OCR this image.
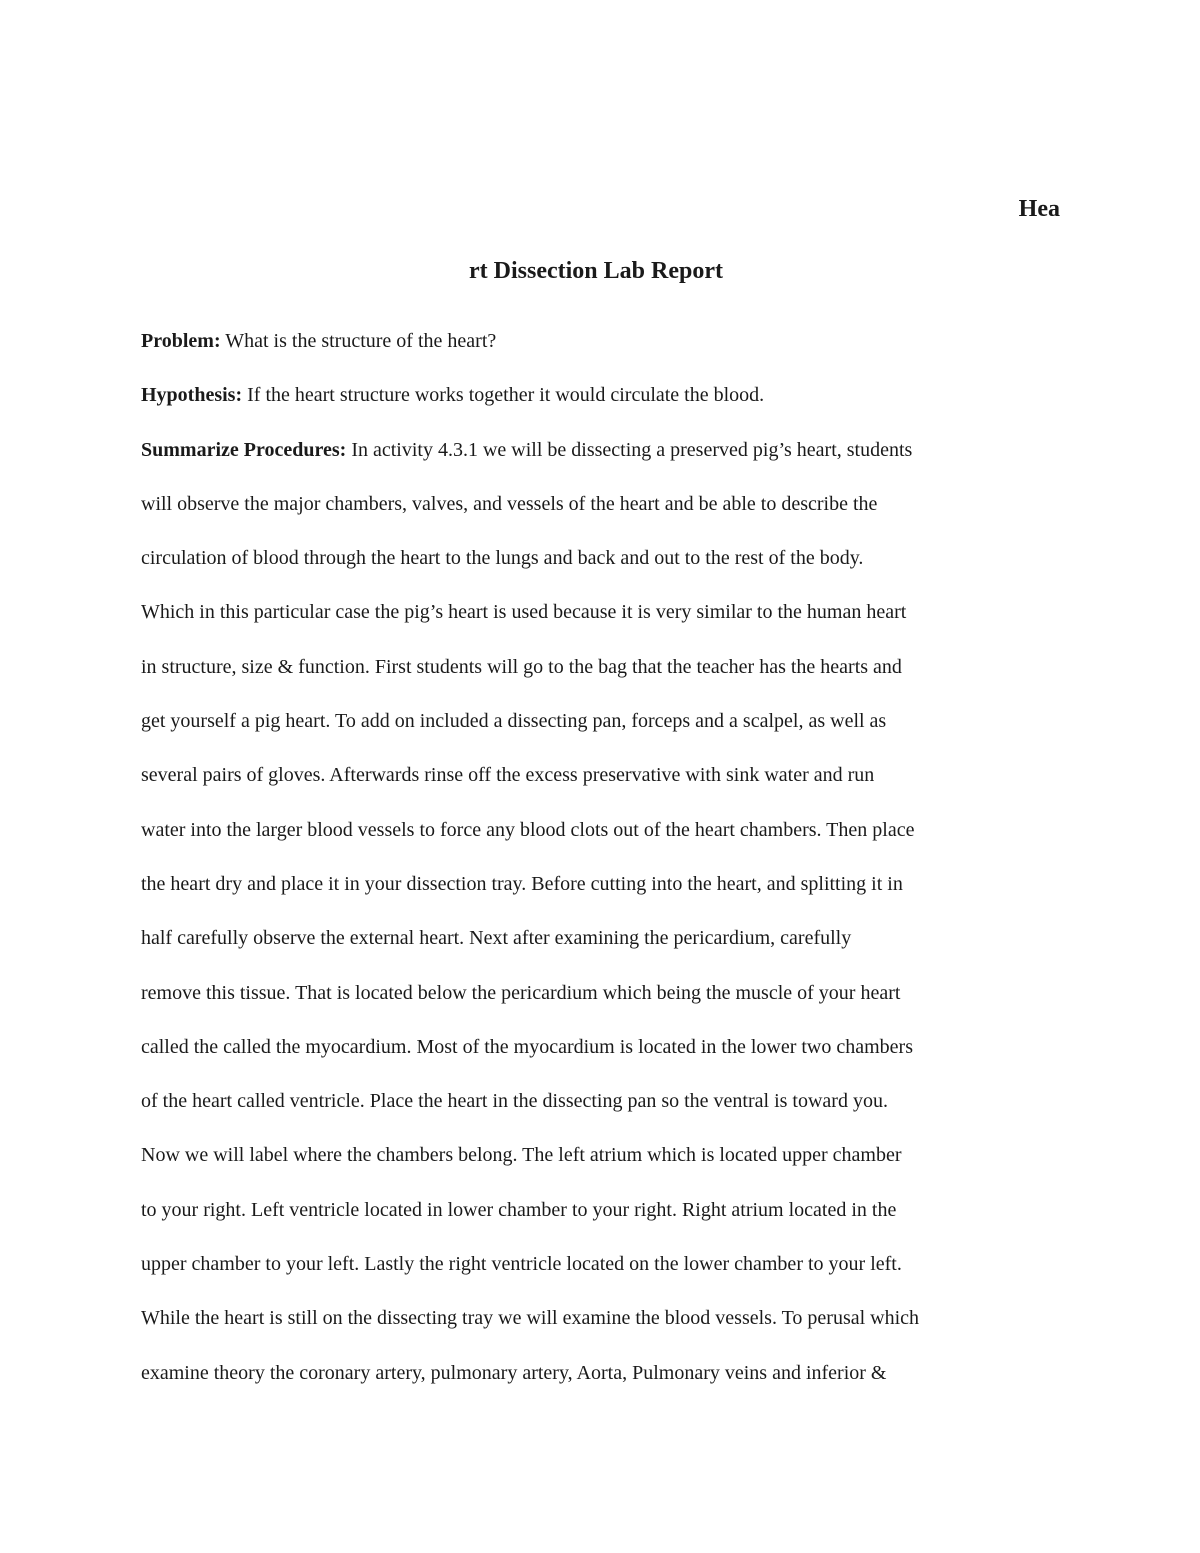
Hea
rt Dissection Lab Report
Problem: What is the structure of the heart?
Hypothesis: If the heart structure works together it would circulate the blood.
Summarize Procedures: In activity 4.3.1 we will be dissecting a preserved pig’s heart, students
will observe the major chambers, valves, and vessels of the heart and be able to describe the
circulation of blood through the heart to the lungs and back and out to the rest of the body.
Which in this particular case the pig’s heart is used because it is very similar to the human heart
in structure, size & function. First students will go to the bag that the teacher has the hearts and
get yourself a pig heart. To add on included a dissecting pan, forceps and a scalpel, as well as
several pairs of gloves. Afterwards rinse off the excess preservative with sink water and run
water into the larger blood vessels to force any blood clots out of the heart chambers. Then place
the heart dry and place it in your dissection tray. Before cutting into the heart, and splitting it in
half carefully observe the external heart. Next after examining the pericardium, carefully
remove this tissue. That is located below the pericardium which being the muscle of your heart
called the called the myocardium. Most of the myocardium is located in the lower two chambers
of the heart called ventricle. Place the heart in the dissecting pan so the ventral is toward you.
Now we will label where the chambers belong. The left atrium which is located upper chamber
to your right. Left ventricle located in lower chamber to your right. Right atrium located in the
upper chamber to your left. Lastly the right ventricle located on the lower chamber to your left.
While the heart is still on the dissecting tray we will examine the blood vessels. To perusal which
examine theory the coronary artery, pulmonary artery, Aorta, Pulmonary veins and inferior &
